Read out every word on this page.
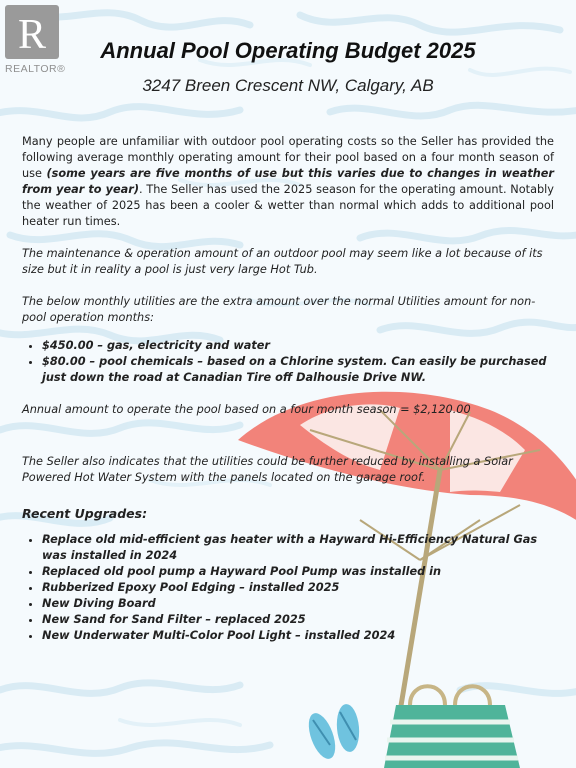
R
REALTOR®
Annual Pool Operating Budget 2025
3247 Breen Crescent NW, Calgary, AB

Many people are unfamiliar with outdoor pool operating costs so the Seller has provided the following average monthly operating amount for their pool based on a four month season of use (some years are five months of use but this varies due to changes in weather from year to year). The Seller has used the 2025 season for the operating amount. Notably the weather of 2025 has been a cooler & wetter than normal which adds to additional pool heater run times.

The maintenance & operation amount of an outdoor pool may seem like a lot because of its size but it in reality a pool is just very large Hot Tub.

The below monthly utilities are the extra amount over the normal Utilities amount for non-pool operation months:

• $450.00 – gas, electricity and water
• $80.00 – pool chemicals – based on a Chlorine system. Can easily be purchased just down the road at Canadian Tire off Dalhousie Drive NW.

Annual amount to operate the pool based on a four month season = $2,120.00

The Seller also indicates that the utilities could be further reduced by installing a Solar Powered Hot Water System with the panels located on the garage roof.

Recent Upgrades:

• Replace old mid-efficient gas heater with a Hayward Hi-Efficiency Natural Gas was installed in 2024
• Replaced old pool pump a Hayward Pool Pump was installed in
• Rubberized Epoxy Pool Edging – installed 2025
• New Diving Board
• New Sand for Sand Filter – replaced 2025
• New Underwater Multi-Color Pool Light – installed 2024
